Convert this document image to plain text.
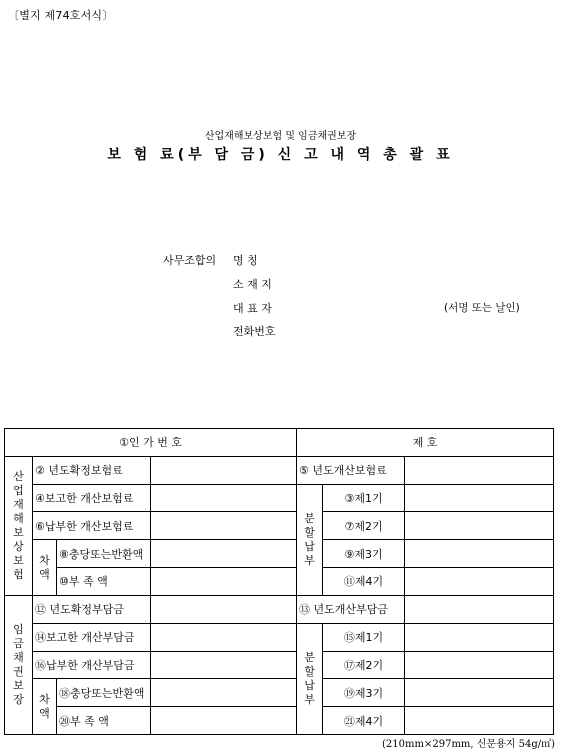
〔별지 제74호서식〕
산업재해보상보험 및 임금채권보장
보 험 료(부 담 금) 신 고 내 역 총 괄 표
사무조합의 명 칭
소 재 지
대 표 자	(서명 또는 날인)
전화번호
①인 가 번 호				제 호		

산업재해보상보험	② 년도확정보험료			⑤ 년도개산보험료		
	④보고한 개산보험료			분할납부	③제1기	
	⑥납부한 개산보험료				⑦제2기	

	차액	⑧충당또는반환액			⑨제3기	
		⑩부 족 액			⑪제4기	

임금채권보장	⑫ 년도확정부담금			⑬ 년도개산부담금		
	⑭보고한 개산부담금			분할납부	⑮제1기	
	⑯납부한 개산부담금				⑰제2기	

	차액	⑱충당또는반환액			⑲제3기	
		⑳부 족 액			㉑제4기	
(210mm×297mm, 신문용지 54g/㎡)
